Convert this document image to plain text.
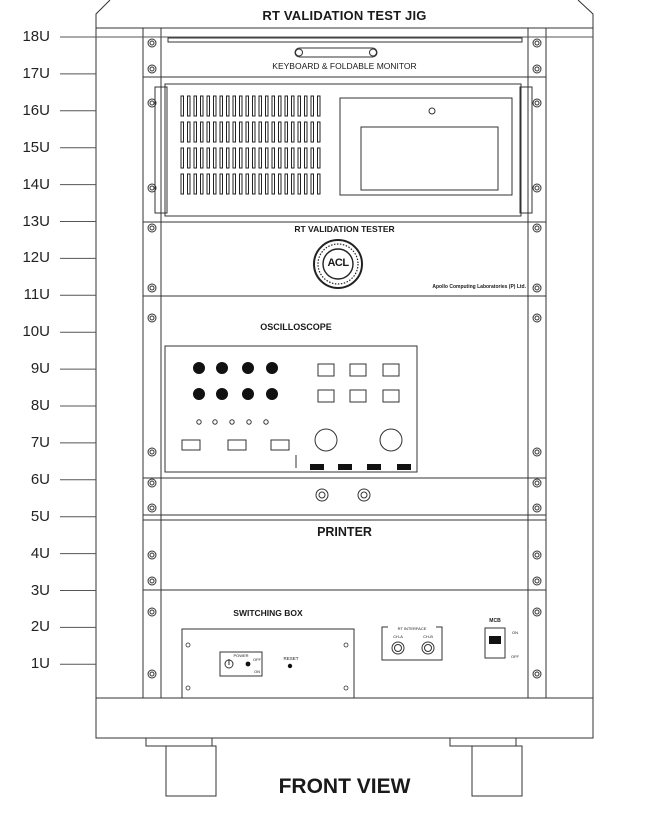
RT VALIDATION TEST JIG
18U
17U
16U
15U
14U
13U
12U
11U
10U
9U
8U
7U
6U
5U
4U
3U
2U
1U
KEYBOARD & FOLDABLE MONITOR
RT VALIDATION TESTER
ACL
Apollo Computing Laboratories (P) Ltd.
OSCILLOSCOPE
PRINTER
SWITCHING BOX
POWER
OFF
ON
RESET
RT INTERFACE
CH-A	CH-B
MCB
ON
OFF
FRONT VIEW
